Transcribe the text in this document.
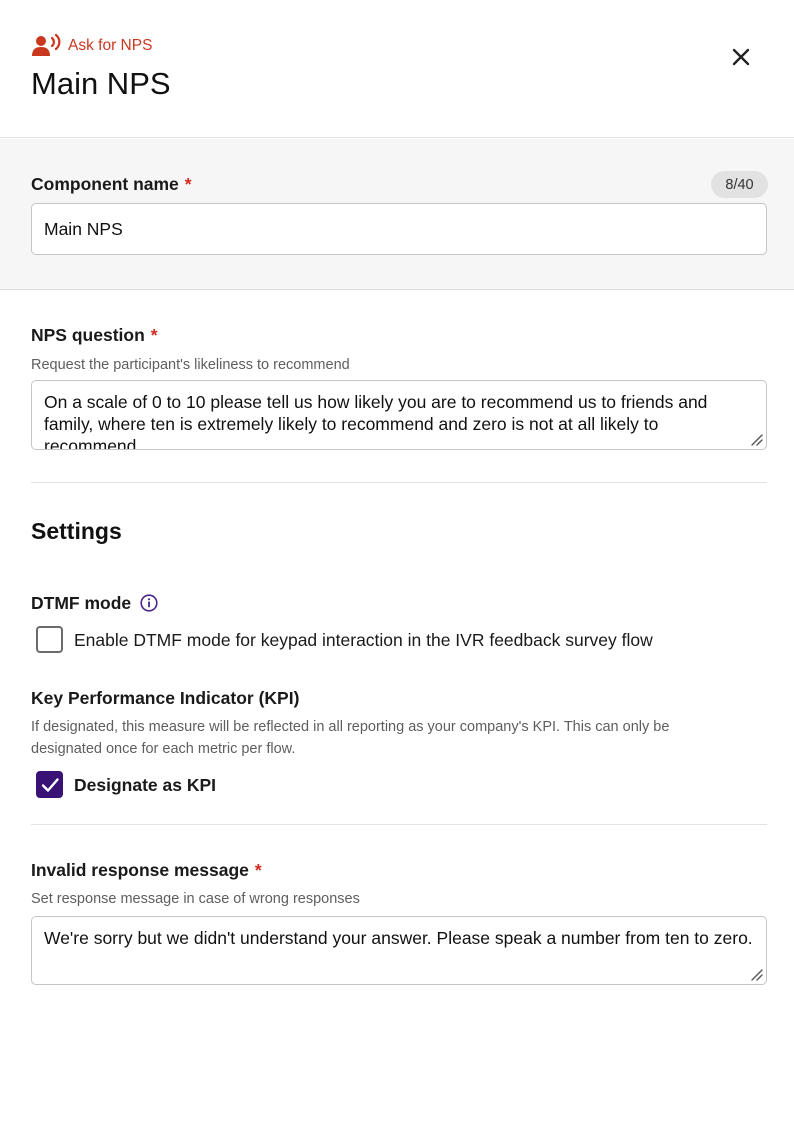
Ask for NPS
Main NPS
Component name *	8/40
Main NPS
NPS question *
Request the participant's likeliness to recommend
On a scale of 0 to 10 please tell us how likely you are to recommend us to friends and family, where ten is extremely likely to recommend and zero is not at all likely to recommend.
Settings
DTMF mode
Enable DTMF mode for keypad interaction in the IVR feedback survey flow
Key Performance Indicator (KPI)
If designated, this measure will be reflected in all reporting as your company's KPI. This can only be
designated once for each metric per flow.
Designate as KPI
Invalid response message *
Set response message in case of wrong responses
We're sorry but we didn't understand your answer. Please speak a number from ten to zero.
